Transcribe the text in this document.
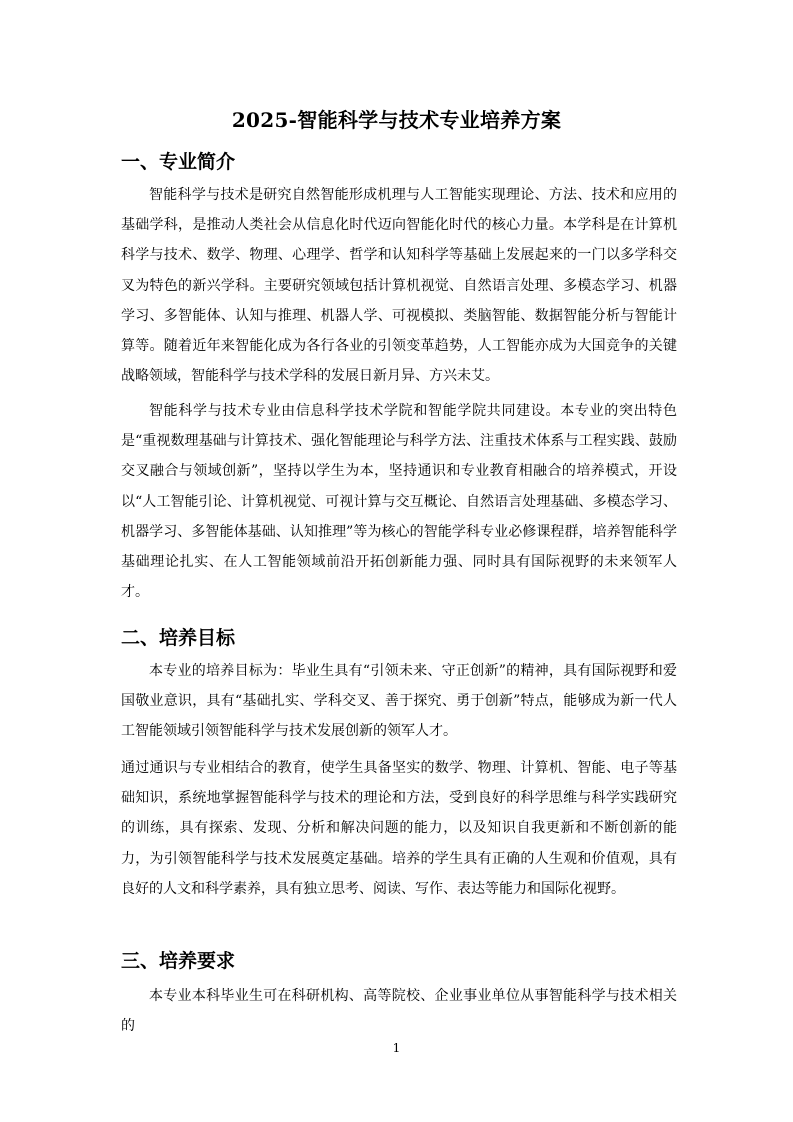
2025-智能科学与技术专业培养方案
一、专业简介
智能科学与技术是研究自然智能形成机理与人工智能实现理论、方法、技术和应用的基础学科，是推动人类社会从信息化时代迈向智能化时代的核心力量。本学科是在计算机科学与技术、数学、物理、心理学、哲学和认知科学等基础上发展起来的一门以多学科交叉为特色的新兴学科。主要研究领域包括计算机视觉、自然语言处理、多模态学习、机器学习、多智能体、认知与推理、机器人学、可视模拟、类脑智能、数据智能分析与智能计算等。随着近年来智能化成为各行各业的引领变革趋势，人工智能亦成为大国竞争的关键战略领域，智能科学与技术学科的发展日新月异、方兴未艾。
智能科学与技术专业由信息科学技术学院和智能学院共同建设。本专业的突出特色是“重视数理基础与计算技术、强化智能理论与科学方法、注重技术体系与工程实践、鼓励交叉融合与领域创新”，坚持以学生为本，坚持通识和专业教育相融合的培养模式，开设以“人工智能引论、计算机视觉、可视计算与交互概论、自然语言处理基础、多模态学习、机器学习、多智能体基础、认知推理”等为核心的智能学科专业必修课程群，培养智能科学基础理论扎实、在人工智能领域前沿开拓创新能力强、同时具有国际视野的未来领军人才。
二、培养目标
本专业的培养目标为：毕业生具有“引领未来、守正创新”的精神，具有国际视野和爱国敬业意识，具有“基础扎实、学科交叉、善于探究、勇于创新”特点，能够成为新一代人工智能领域引领智能科学与技术发展创新的领军人才。
通过通识与专业相结合的教育，使学生具备坚实的数学、物理、计算机、智能、电子等基础知识，系统地掌握智能科学与技术的理论和方法，受到良好的科学思维与科学实践研究的训练，具有探索、发现、分析和解决问题的能力，以及知识自我更新和不断创新的能力，为引领智能科学与技术发展奠定基础。培养的学生具有正确的人生观和价值观，具有良好的人文和科学素养，具有独立思考、阅读、写作、表达等能力和国际化视野。
三、培养要求
本专业本科毕业生可在科研机构、高等院校、企业事业单位从事智能科学与技术相关的
1
